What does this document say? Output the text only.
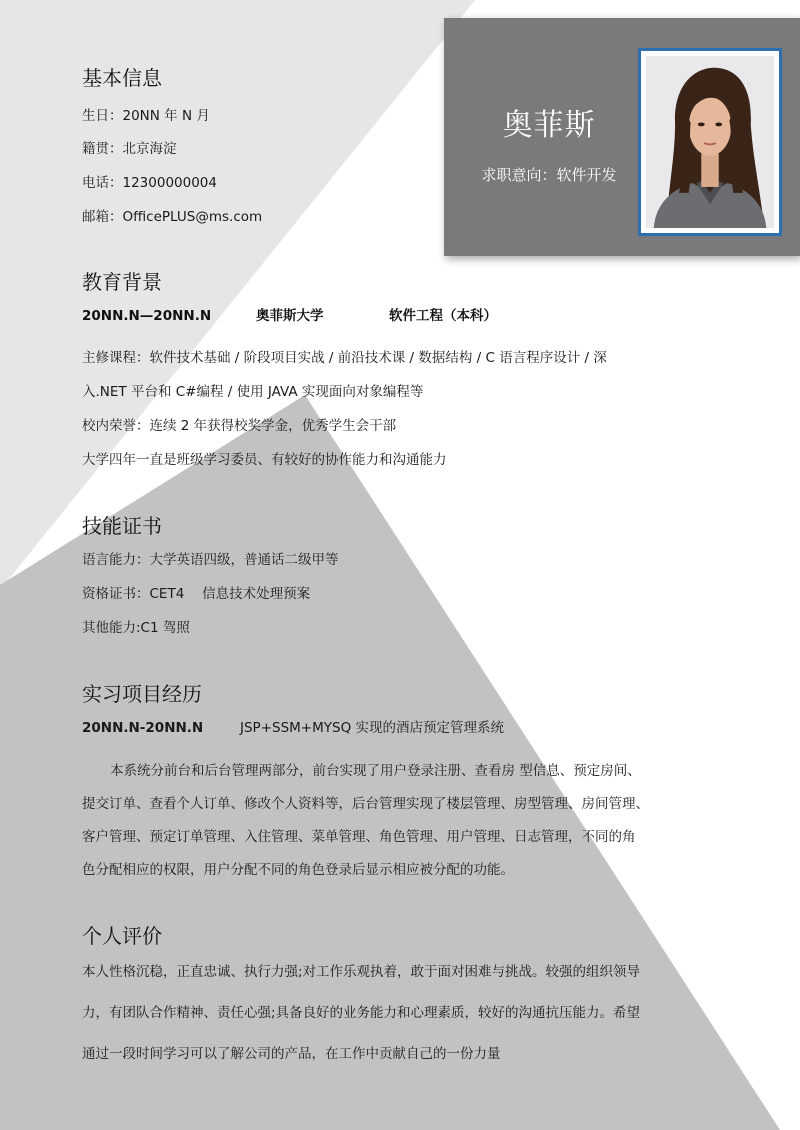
奥菲斯
求职意向：软件开发
基本信息
生日：20NN 年 N 月
籍贯：北京海淀
电话：12300000004
邮箱：OfficePLUS@ms.com
教育背景
20NN.N—20NN.N	奥菲斯大学	软件工程（本科）
主修课程：软件技术基础 / 阶段项目实战 / 前沿技术课 / 数据结构 / C 语言程序设计 / 深
入.NET 平台和 C#编程 / 使用 JAVA 实现面向对象编程等
校内荣誉：连续 2 年获得校奖学金，优秀学生会干部
大学四年一直是班级学习委员、有较好的协作能力和沟通能力
技能证书
语言能力：大学英语四级，普通话二级甲等
资格证书：CET4　 信息技术处理预案
其他能力:C1 驾照
实习项目经历
20NN.N-20NN.N	JSP+SSM+MYSQ 实现的酒店预定管理系统
本系统分前台和后台管理两部分，前台实现了用户登录注册、查看房 型信息、预定房间、
提交订单、查看个人订单、修改个人资料等，后台管理实现了楼层管理、房型管理、房间管理、
客户管理、预定订单管理、入住管理、菜单管理、角色管理、用户管理、日志管理，不同的角
色分配相应的权限，用户分配不同的角色登录后显示相应被分配的功能。
个人评价
本人性格沉稳，正直忠诚、执行力强;对工作乐观执着，敢于面对困难与挑战。较强的组织领导
力，有团队合作精神、责任心强;具备良好的业务能力和心理素质，较好的沟通抗压能力。希望
通过一段时间学习可以了解公司的产品，在工作中贡献自己的一份力量
